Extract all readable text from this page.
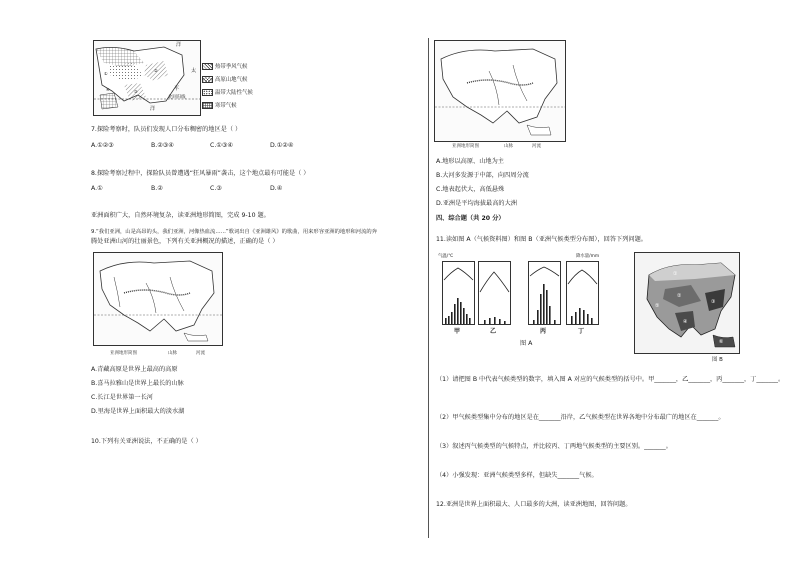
①
②
③
④
洋
太
平
北回归线
洋
热带季风气候
高原山地气候
温带大陆性气候
寒带气候
7.探险考察时，队员们发现人口分布稠密的地区是（ ）
A.①②③	B.②③④	C.①③④	D.①②④
8.探险考察过程中，探险队员曾遭遇“狂风暴雨”袭击，这个地点最有可能是（ ）
A.①	B.②	C.③	D.④
亚洲面积广大，自然环境复杂，读亚洲地形简图，完成 9-10 题。
9.“我们亚洲，山是高昂的头，我们亚洲，河像热血流……”歌词出自《亚洲雄风》的歌曲，用来形容亚洲的地形和河流的奔
腾处亚洲山河的壮丽景色，下列有关亚洲概况的描述，正确的是（ ）
亚洲地形简图	山脉	河流
A.青藏高原是世界上最高的高原
B.喜马拉雅山是世界上最长的山脉
C.长江是世界第一长河
D.里海是世界上面积最大的淡水湖
10.下列有关亚洲说法，不正确的是（ ）
亚洲地形简图	山脉	河流
A.地形以高原、山地为主
B.大河多发源于中部，向四周分流
C.地表起伏大，高低悬殊
D.亚洲是平均海拔最高的大洲
四、综合题（共 20 分）
11.读如图 A（气候资料图）和图 B（亚洲气候类型分布图），回答下列问题。
气温/℃	降水量/mm
甲	乙	丙	丁
图 A
①
②
③
④
⑤
⑥
图 B
（1）请把图 B 中代表气候类型的数字，填入图 A 对应的气候类型的括号中。甲_______，乙_______，丙_______，丁_______。
（2）甲气候类型集中分布的地区是在_______沿岸，乙气候类型在世界各地中分布最广的地区在_______。
（3）叙述丙气候类型的气候特点，并比较丙、丁两地气候类型的主要区别。_______。
（4）小强发现：亚洲气候类型多样，但缺失_______气候。
12.亚洲是世界上面积最大、人口最多的大洲，读亚洲地图，回答问题。
